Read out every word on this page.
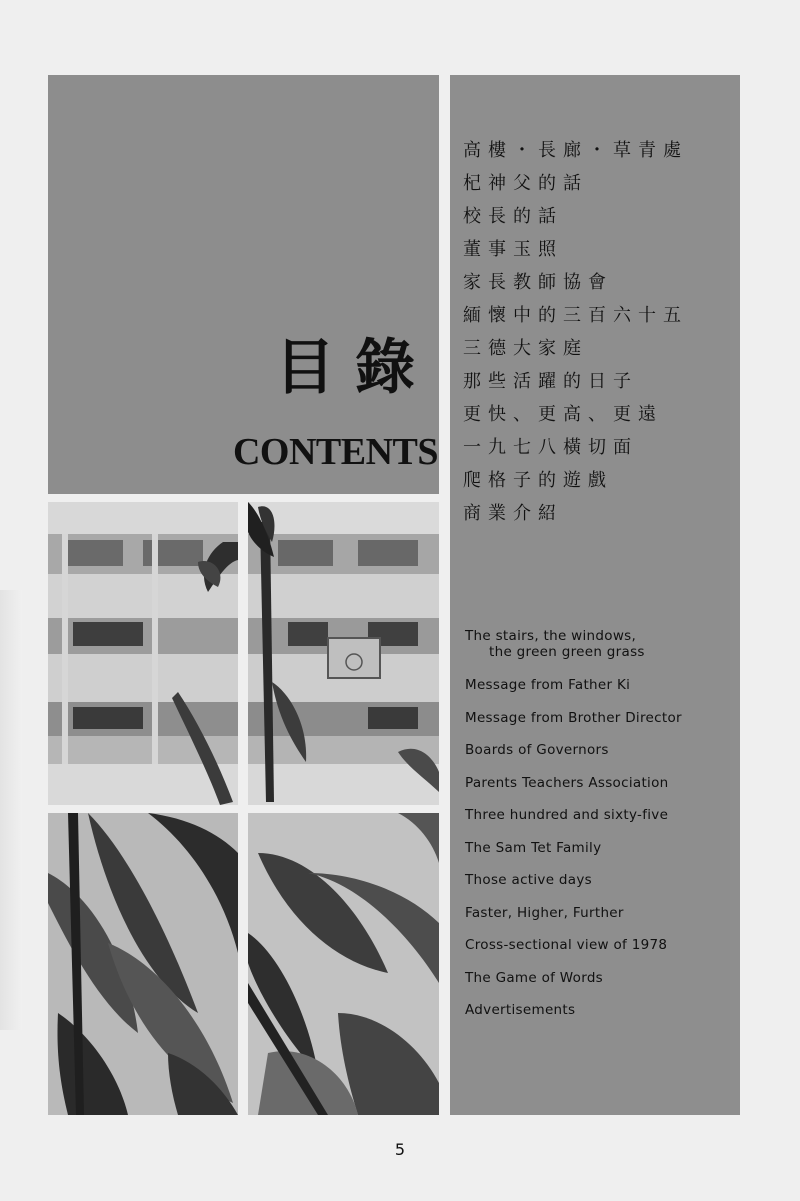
目錄
CONTENTS
高樓・長廊・草青處
杞神父的話
校長的話
董事玉照
家長教師協會
緬懷中的三百六十五
三德大家庭
那些活躍的日子
更快、更高、更遠
一九七八橫切面
爬格子的遊戲
商業介紹
The stairs, the windows,
the green green grass
Message from Father Ki
Message from Brother Director
Boards of Governors
Parents Teachers Association
Three hundred and sixty-five
The Sam Tet Family
Those active days
Faster, Higher, Further
Cross-sectional view of 1978
The Game of Words
Advertisements
5
